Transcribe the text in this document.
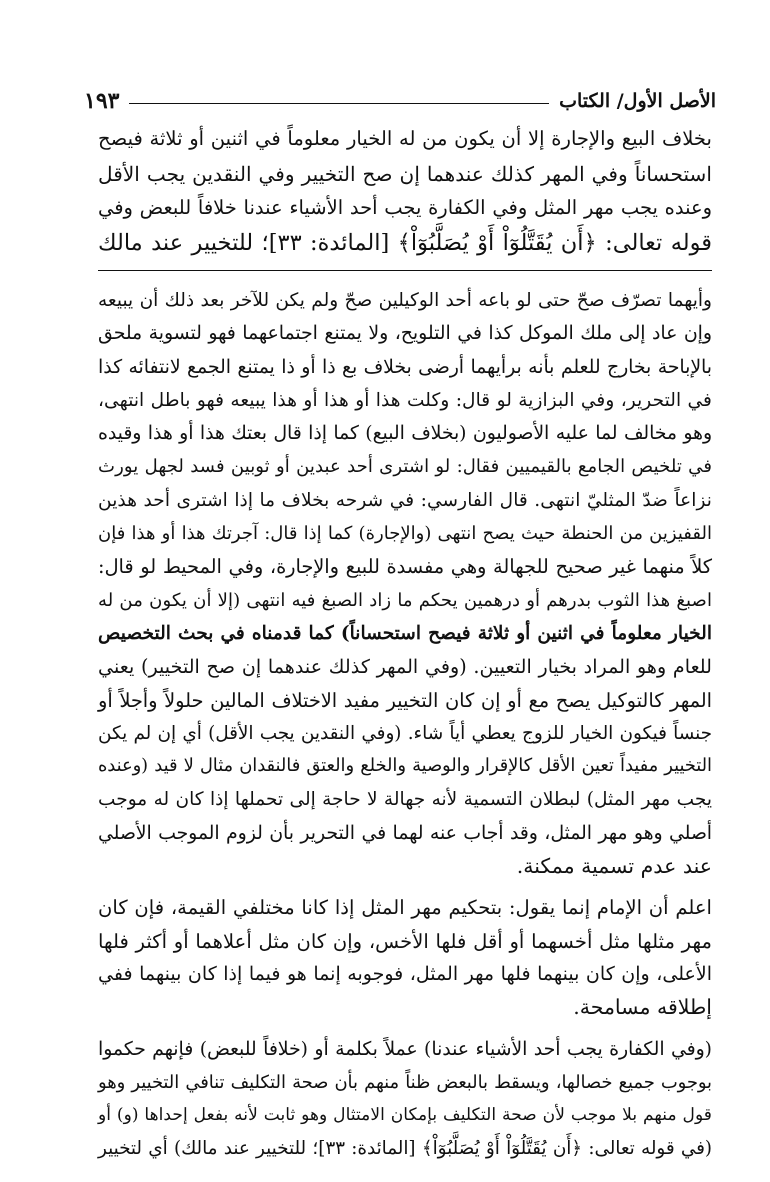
الأصل الأول/ الكتاب
١٩٣
بخلاف البيع والإجارة إلا أن يكون من له الخيار معلوماً في اثنين أو ثلاثة فيصح
استحساناً وفي المهر كذلك عندهما إن صح التخيير وفي النقدين يجب الأقل
وعنده يجب مهر المثل وفي الكفارة يجب أحد الأشياء عندنا خلافاً للبعض وفي
قوله تعالى: ﴿أَن يُقَتَّلُوٓاْ أَوْ يُصَلَّبُوٓاْ﴾ [المائدة: ٣٣]؛ للتخيير عند مالك
وأيهما تصرّف صحّ حتى لو باعه أحد الوكيلين صحّ ولم يكن للآخر بعد ذلك أن يبيعه
وإن عاد إلى ملك الموكل كذا في التلويح، ولا يمتنع اجتماعهما فهو لتسوية ملحق
بالإباحة بخارج للعلم بأنه برأيهما أرضى بخلاف بع ذا أو ذا يمتنع الجمع لانتفائه كذا
في التحرير، وفي البزازية لو قال: وكلت هذا أو هذا أو هذا يبيعه فهو باطل انتهى،
وهو مخالف لما عليه الأصوليون (بخلاف البيع) كما إذا قال بعتك هذا أو هذا وقيده
في تلخيص الجامع بالقيميين فقال: لو اشترى أحد عبدين أو ثوبين فسد لجهل يورث
نزاعاً ضدّ المثليّ انتهى. قال الفارسي: في شرحه بخلاف ما إذا اشترى أحد هذين
القفيزين من الحنطة حيث يصح انتهى (والإجارة) كما إذا قال: آجرتك هذا أو هذا فإن
كلاً منهما غير صحيح للجهالة وهي مفسدة للبيع والإجارة، وفي المحيط لو قال:
اصبغ هذا الثوب بدرهم أو درهمين يحكم ما زاد الصبغ فيه انتهى (إلا أن يكون من له
الخيار معلوماً في اثنين أو ثلاثة فيصح استحساناً) كما قدمناه في بحث التخصيص
للعام وهو المراد بخيار التعيين. (وفي المهر كذلك عندهما إن صح التخيير) يعني
المهر كالتوكيل يصح مع أو إن كان التخيير مفيد الاختلاف المالين حلولاً وأجلاً أو
جنساً فيكون الخيار للزوج يعطي أياً شاء. (وفي النقدين يجب الأقل) أي إن لم يكن
التخيير مفيداً تعين الأقل كالإقرار والوصية والخلع والعتق فالنقدان مثال لا قيد (وعنده
يجب مهر المثل) لبطلان التسمية لأنه جهالة لا حاجة إلى تحملها إذا كان له موجب
أصلي وهو مهر المثل، وقد أجاب عنه لهما في التحرير بأن لزوم الموجب الأصلي
عند عدم تسمية ممكنة.
اعلم أن الإمام إنما يقول: بتحكيم مهر المثل إذا كانا مختلفي القيمة، فإن كان
مهر مثلها مثل أخسهما أو أقل فلها الأخس، وإن كان مثل أعلاهما أو أكثر فلها
الأعلى، وإن كان بينهما فلها مهر المثل، فوجوبه إنما هو فيما إذا كان بينهما ففي
إطلاقه مسامحة.
(وفي الكفارة يجب أحد الأشياء عندنا) عملاً بكلمة أو (خلافاً للبعض) فإنهم حكموا
بوجوب جميع خصالها، ويسقط بالبعض ظناً منهم بأن صحة التكليف تنافي التخيير وهو
قول منهم بلا موجب لأن صحة التكليف بإمكان الامتثال وهو ثابت لأنه بفعل إحداها (و) أو
(في قوله تعالى: ﴿أَن يُقَتَّلُوٓاْ أَوْ يُصَلَّبُوٓاْ﴾ [المائدة: ٣٣]؛ للتخيير عند مالك) أي لتخيير
